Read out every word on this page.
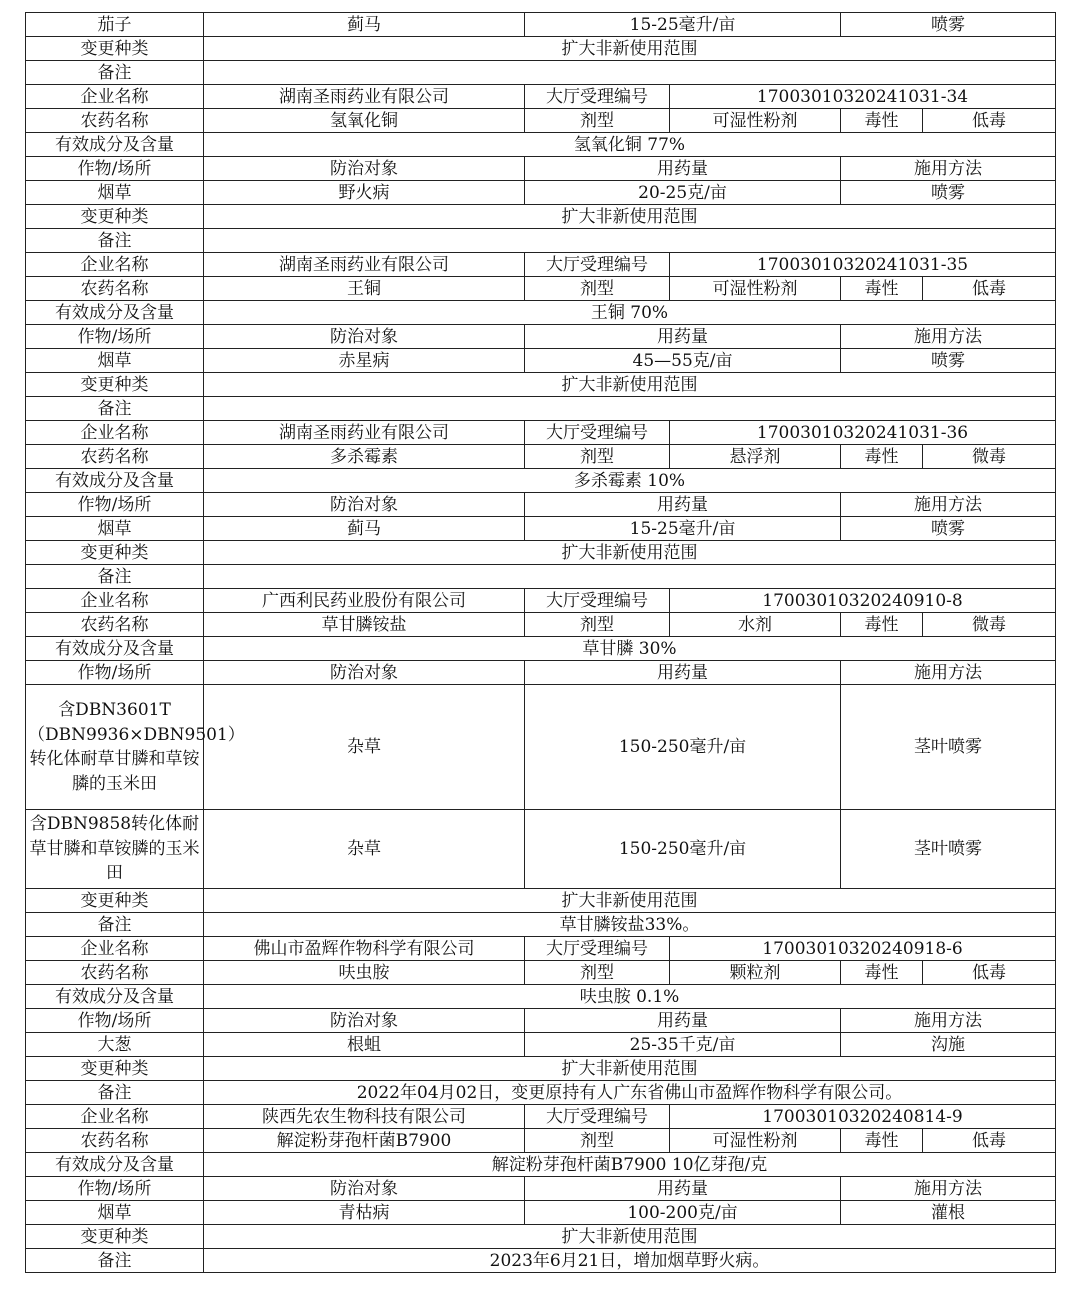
茄子	蓟马	15-25毫升/亩		喷雾	
变更种类	扩大非新使用范围				
备注					
企业名称	湖南圣雨药业有限公司	大厅受理编号	17003010320241031-34		
农药名称	氢氧化铜	剂型	可湿性粉剂	毒性	低毒
有效成分及含量	氢氧化铜 77%				
作物/场所	防治对象	用药量		施用方法	
烟草	野火病	20-25克/亩		喷雾	
变更种类	扩大非新使用范围				
备注					
企业名称	湖南圣雨药业有限公司	大厅受理编号	17003010320241031-35		
农药名称	王铜	剂型	可湿性粉剂	毒性	低毒
有效成分及含量	王铜 70%				
作物/场所	防治对象	用药量		施用方法	
烟草	赤星病	45—55克/亩		喷雾	
变更种类	扩大非新使用范围				
备注					
企业名称	湖南圣雨药业有限公司	大厅受理编号	17003010320241031-36		
农药名称	多杀霉素	剂型	悬浮剂	毒性	微毒
有效成分及含量	多杀霉素 10%				
作物/场所	防治对象	用药量		施用方法	
烟草	蓟马	15-25毫升/亩		喷雾	
变更种类	扩大非新使用范围				
备注					
企业名称	广西利民药业股份有限公司	大厅受理编号	17003010320240910-8		
农药名称	草甘膦铵盐	剂型	水剂	毒性	微毒
有效成分及含量	草甘膦 30%				
作物/场所	防治对象	用药量		施用方法	
含DBN3601T（DBN9936×DBN9501）转化体耐草甘膦和草铵膦的玉米田	杂草	150-250毫升/亩		茎叶喷雾	
含DBN9858转化体耐草甘膦和草铵膦的玉米田	杂草	150-250毫升/亩		茎叶喷雾	
变更种类	扩大非新使用范围				
备注	草甘膦铵盐33%。				
企业名称	佛山市盈辉作物科学有限公司	大厅受理编号	17003010320240918-6		
农药名称	呋虫胺	剂型	颗粒剂	毒性	低毒
有效成分及含量	呋虫胺 0.1%				
作物/场所	防治对象	用药量		施用方法	
大葱	根蛆	25-35千克/亩		沟施	
变更种类	扩大非新使用范围				
备注	2022年04月02日，变更原持有人广东省佛山市盈辉作物科学有限公司。				
企业名称	陕西先农生物科技有限公司	大厅受理编号	17003010320240814-9		
农药名称	解淀粉芽孢杆菌B7900	剂型	可湿性粉剂	毒性	低毒
有效成分及含量	解淀粉芽孢杆菌B7900 10亿芽孢/克				
作物/场所	防治对象	用药量		施用方法	
烟草	青枯病	100-200克/亩		灌根	
变更种类	扩大非新使用范围				
备注	2023年6月21日，增加烟草野火病。				
